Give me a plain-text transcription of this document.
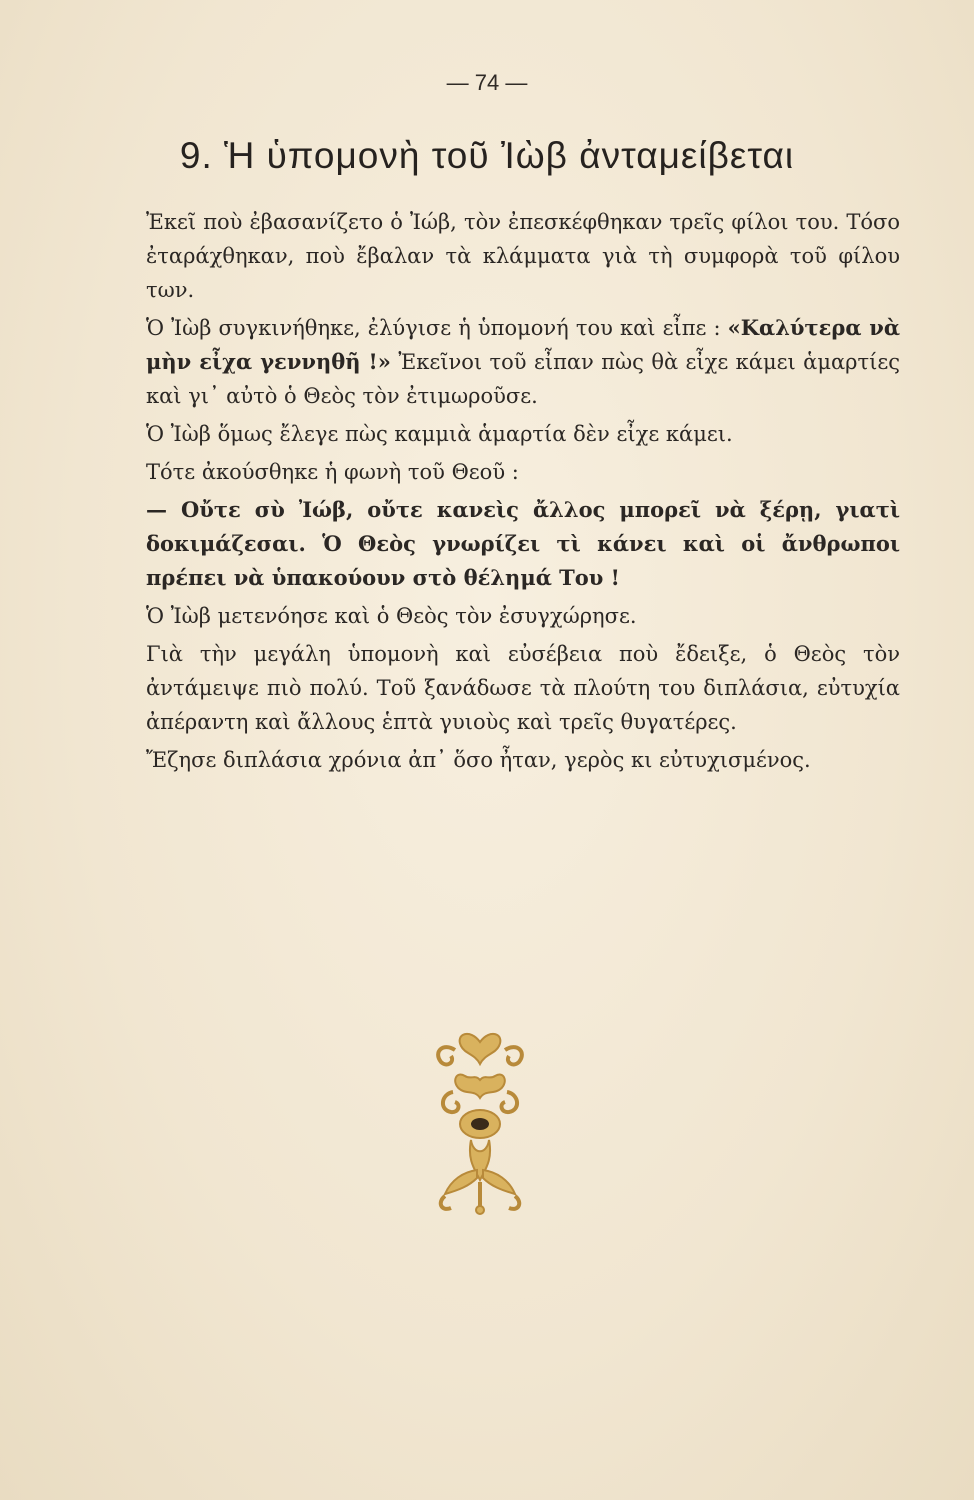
— 74 —
9. Ἡ ὑπομονὴ τοῦ Ἰὼβ ἀνταμείβεται

Ἐκεῖ ποὺ ἐβασανίζετο ὁ Ἰώβ, τὸν ἐπεσκέφθηκαν τρεῖς φίλοι του. Τόσο ἐταράχθηκαν, ποὺ ἔβαλαν τὰ κλάμματα γιὰ τὴ συμφορὰ τοῦ φίλου των.

Ὁ Ἰὼβ συγκινήθηκε, ἐλύγισε ἡ ὑπομονή του καὶ εἶπε : «Καλύτερα νὰ μὴν εἶχα γεννηθῆ !» Ἐκεῖνοι τοῦ εἶπαν πὼς θὰ εἶχε κάμει ἁμαρτίες καὶ γι᾽ αὐτὸ ὁ Θεὸς τὸν ἐτιμωροῦσε.

Ὁ Ἰὼβ ὅμως ἔλεγε πὼς καμμιὰ ἁμαρτία δὲν εἶχε κάμει.

Τότε ἀκούσθηκε ἡ φωνὴ τοῦ Θεοῦ :

— Οὔτε σὺ Ἰώβ, οὔτε κανεὶς ἄλλος μπορεῖ νὰ ξέρῃ, γιατὶ δοκιμάζεσαι. Ὁ Θεὸς γνωρίζει τὶ κάνει καὶ οἱ ἄνθρωποι πρέπει νὰ ὑπακούουν στὸ θέλημά Του !

Ὁ Ἰὼβ μετενόησε καὶ ὁ Θεὸς τὸν ἐσυγχώρησε.

Γιὰ τὴν μεγάλη ὑπομονὴ καὶ εὐσέβεια ποὺ ἔδειξε, ὁ Θεὸς τὸν ἀντάμειψε πιὸ πολύ. Τοῦ ξανάδωσε τὰ πλούτη του διπλάσια, εὐτυχία ἀπέραντη καὶ ἄλλους ἑπτὰ γυιοὺς καὶ τρεῖς θυγατέρες.

Ἔζησε διπλάσια χρόνια ἀπ᾽ ὅσο ἦταν, γερὸς κι εὐτυχισμένος.
